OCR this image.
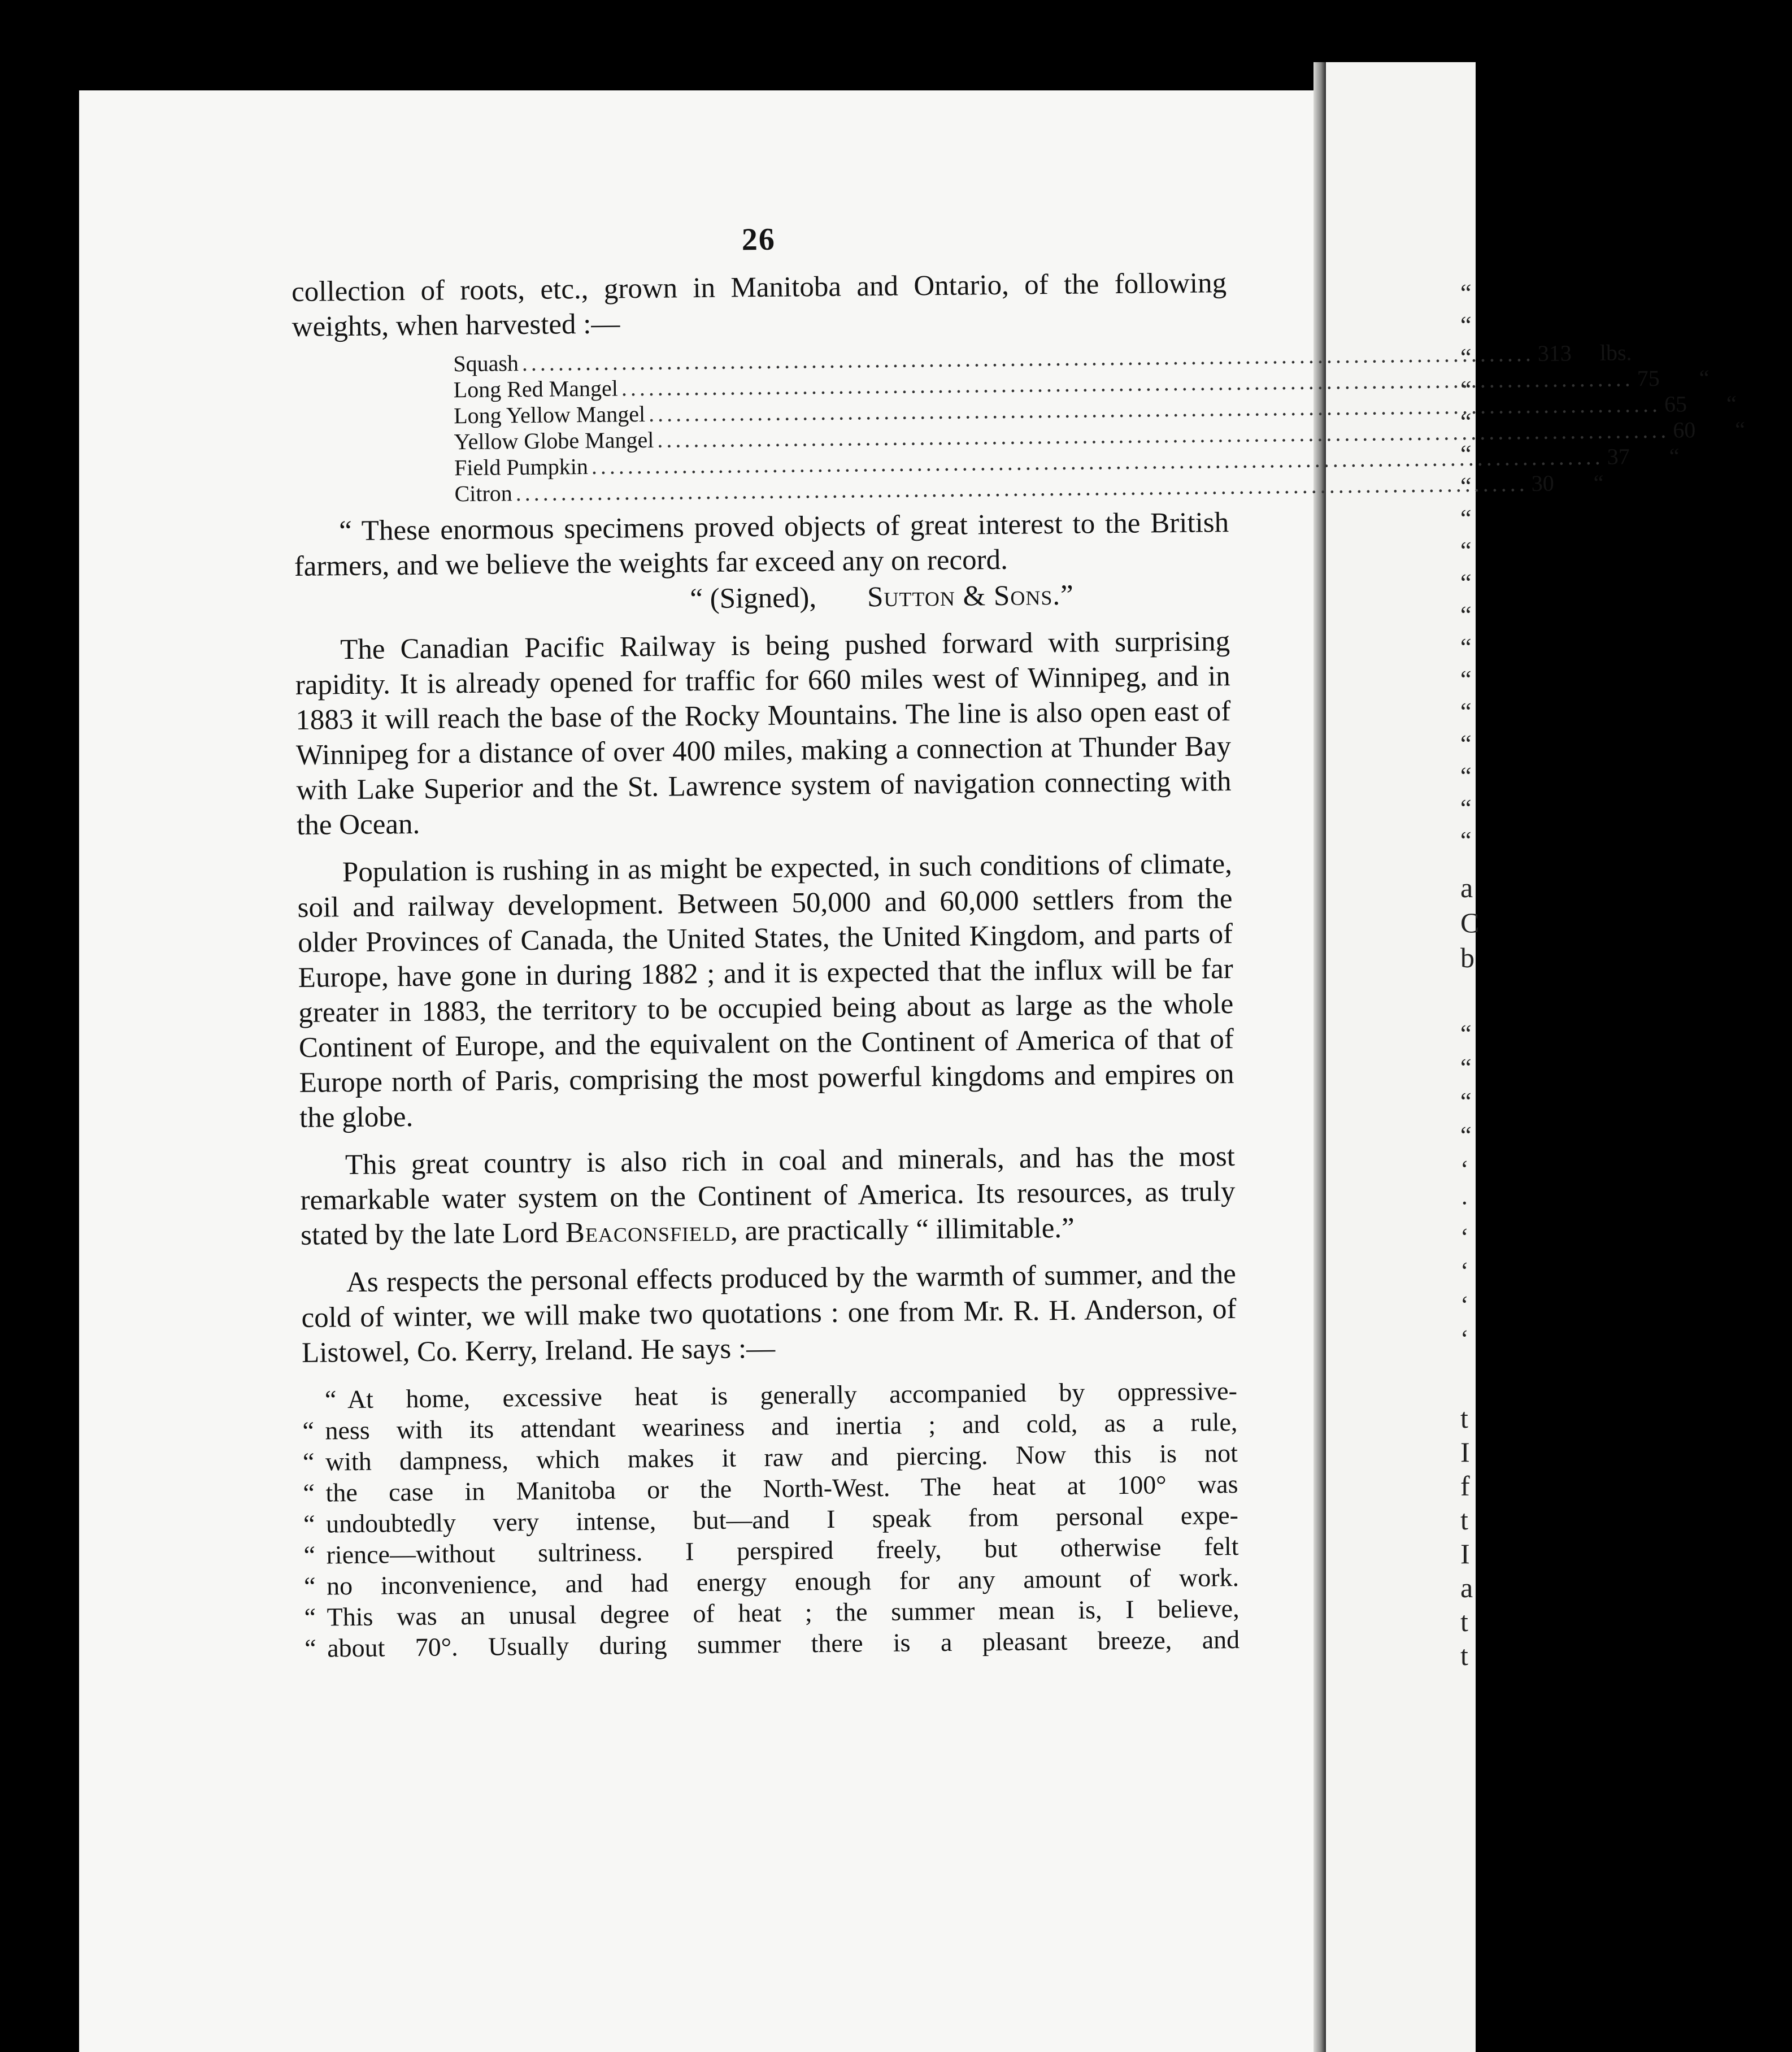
“
“
“
“
“
“
“
“
“
“
“
“
“
“
“
“
“
“
a
C
b
“
“
“
“
‘
·
‘
‘
‘
‘
t
I
f
t
I
a
t
t
26

collection of roots, etc., grown in Manitoba and Ontario, of the following weights, when harvested :—

Squash .....	313	lbs.
Long Red Mangel .....	75	“
Long Yellow Mangel .....	65	“
Yellow Globe Mangel .....	60	“
Field Pumpkin .....	37	“
Citron .....	30	“

“ These enormous specimens proved objects of great interest to the British farmers, and we believe the weights far exceed any on record.

“ (Signed), Sutton & Sons.”

The Canadian Pacific Railway is being pushed forward with surprising rapidity. It is already opened for traffic for 660 miles west of Winnipeg, and in 1883 it will reach the base of the Rocky Mountains. The line is also open east of Winnipeg for a distance of over 400 miles, making a connection at Thunder Bay with Lake Superior and the St. Lawrence system of navigation connecting with the Ocean.

Population is rushing in as might be expected, in such conditions of climate, soil and railway development. Between 50,000 and 60,000 settlers from the older Provinces of Canada, the United States, the United Kingdom, and parts of Europe, have gone in during 1882 ; and it is expected that the influx will be far greater in 1883, the territory to be occupied being about as large as the whole Continent of Europe, and the equivalent on the Continent of America of that of Europe north of Paris, comprising the most powerful kingdoms and empires on the globe.

This great country is also rich in coal and minerals, and has the most remarkable water system on the Continent of America. Its resources, as truly stated by the late Lord Beaconsfield, are practically “ illimitable.”

As respects the personal effects produced by the warmth of summer, and the cold of winter, we will make two quotations : one from Mr. R. H. Anderson, of Listowel, Co. Kerry, Ireland. He says :—

“ At home, excessive heat is generally accompanied by oppressive-
“ ness with its attendant weariness and inertia ; and cold, as a rule,
“ with dampness, which makes it raw and piercing. Now this is not
“ the case in Manitoba or the North-West. The heat at 100° was
“ undoubtedly very intense, but—and I speak from personal expe-
“ rience—without sultriness. I perspired freely, but otherwise felt
“ no inconvenience, and had energy enough for any amount of work.
“ This was an unusal degree of heat ; the summer mean is, I believe,
“ about 70°. Usually during summer there is a pleasant breeze, and
